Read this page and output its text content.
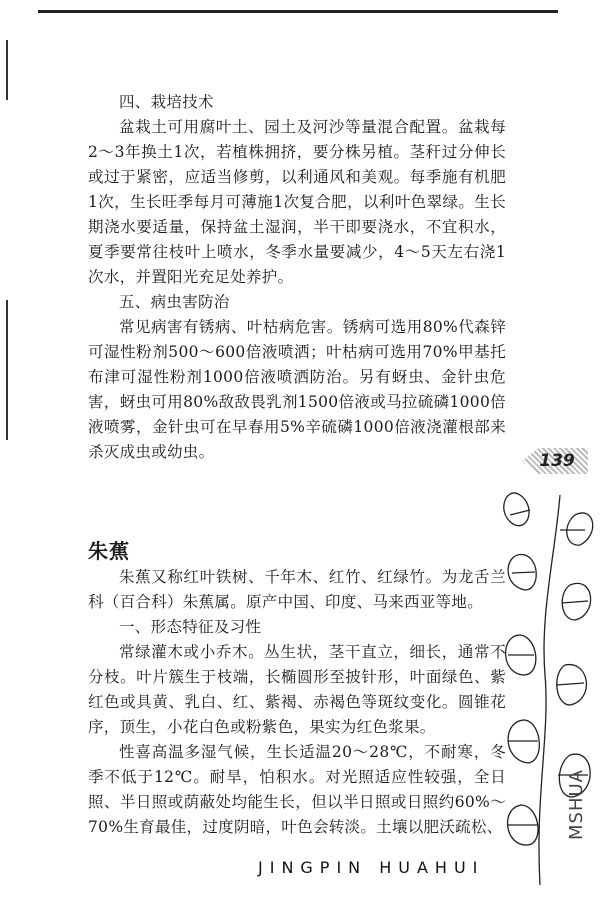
四、栽培技术

盆栽土可用腐叶土、园土及河沙等量混合配置。盆栽每2～3年换土1次，若植株拥挤，要分株另植。茎秆过分伸长或过于紧密，应适当修剪，以利通风和美观。每季施有机肥1次，生长旺季每月可薄施1次复合肥，以利叶色翠绿。生长期浇水要适量，保持盆土湿润，半干即要浇水，不宜积水，夏季要常往枝叶上喷水，冬季水量要减少，4～5天左右浇1次水，并置阳光充足处养护。

五、病虫害防治

常见病害有锈病、叶枯病危害。锈病可选用80%代森锌可湿性粉剂500～600倍液喷洒；叶枯病可选用70%甲基托布津可湿性粉剂1000倍液喷洒防治。另有蚜虫、金针虫危害，蚜虫可用80%敌敌畏乳剂1500倍液或马拉硫磷1000倍液喷雾，金针虫可在早春用5%辛硫磷1000倍液浇灌根部来杀灭成虫或幼虫。	139
朱蕉

朱蕉又称红叶铁树、千年木、红竹、红绿竹。为龙舌兰科（百合科）朱蕉属。原产中国、印度、马来西亚等地。

一、形态特征及习性

常绿灌木或小乔木。丛生状，茎干直立，细长，通常不分枝。叶片簇生于枝端，长椭圆形至披针形，叶面绿色、紫红色或具黄、乳白、红、紫褐、赤褐色等斑纹变化。圆锥花序，顶生，小花白色或粉紫色，果实为红色浆果。

性喜高温多湿气候，生长适温20～28℃，不耐寒，冬季不低于12℃。耐旱，怕积水。对光照适应性较强，全日照、半日照或荫蔽处均能生长，但以半日照或日照约60%～70%生育最佳，过度阴暗，叶色会转淡。土壤以肥沃疏松、

JINGPIN HUAHUI
MSHUA
